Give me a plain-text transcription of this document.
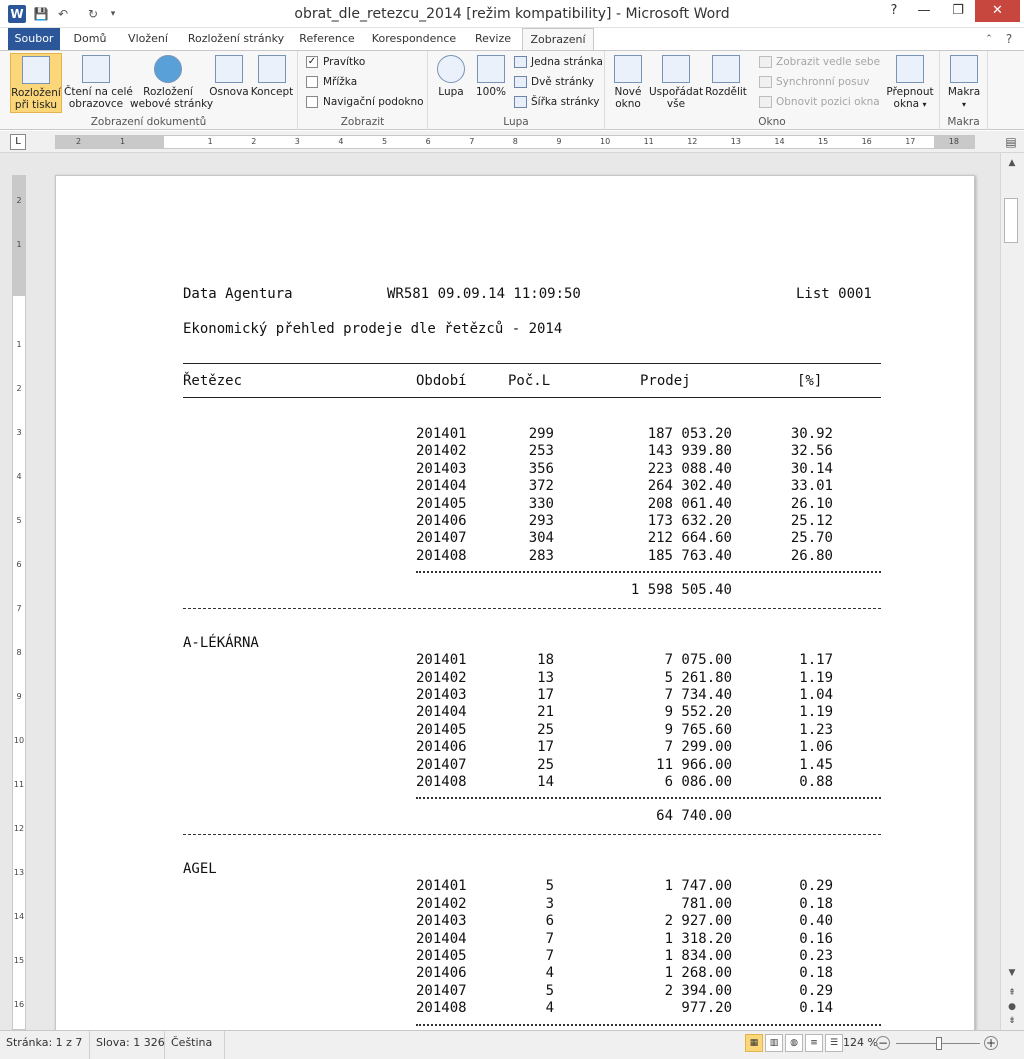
W 💾 ↶	↻	▾	obrat_dle_retezcu_2014 [režim kompatibility] - Microsoft Word	?	—	❐	✕
Soubor	Domů	Vložení	Rozložení stránky	Reference	Korespondence	Revize	Zobrazení	⌃	?
Rozložení
při tisku
Čtení na celé
obrazovce
Rozložení
webové stránky
Osnova Koncept
Zobrazení dokumentů
✓ Pravítko
Mřížka
Navigační podokno
Zobrazit
Lupa	100%
Jedna stránka
Dvě stránky
Šířka stránky
Lupa
Nové
okno
Uspořádat
vše
Rozdělit
Zobrazit vedle sebe
Synchronní posuv
Obnovit pozici okna
Přepnout
okna ▾
Okno
Makra
▾
Makra
L	2	1	1	2	3	4	5	6	7	8	9	10	11	12	13	14	15	16	17	18	▤
Data Agentura	WR581 09.09.14 11:09:50	List 0001
Ekonomický přehled prodeje dle řetězců - 2014
Řetězec	Období	Poč.L	Prodej	[%]
201401	299	187 053.20	30.92
201402	253	143 939.80	32.56
201403	356	223 088.40	30.14
201404	372	264 302.40	33.01
201405	330	208 061.40	26.10
201406	293	173 632.20	25.12
201407	304	212 664.60	25.70
201408	283	185 763.40	26.80
1 598 505.40
A-LÉKÁRNA
201401	18	7 075.00	1.17
201402	13	5 261.80	1.19
201403	17	7 734.40	1.04
201404	21	9 552.20	1.19
201405	25	9 765.60	1.23
201406	17	7 299.00	1.06
201407	25	11 966.00	1.45
201408	14	6 086.00	0.88
64 740.00
AGEL
201401	5	1 747.00	0.29
201402	3	781.00	0.18
201403	6	2 927.00	0.40
201404	7	1 318.20	0.16
201405	7	1 834.00	0.23
201406	4	1 268.00	0.18
201407	5	2 394.00	0.29
201408	4	977.20	0.14
2
1
1
2
3
4
5
6
7
8
9
10
11
12
13
14
15
16
▲
▼
⇞
●
⇟
Stránka: 1 z 7	Slova: 1 326 Čeština	▦	▥	◍	≡	☰ 124 % −	+
